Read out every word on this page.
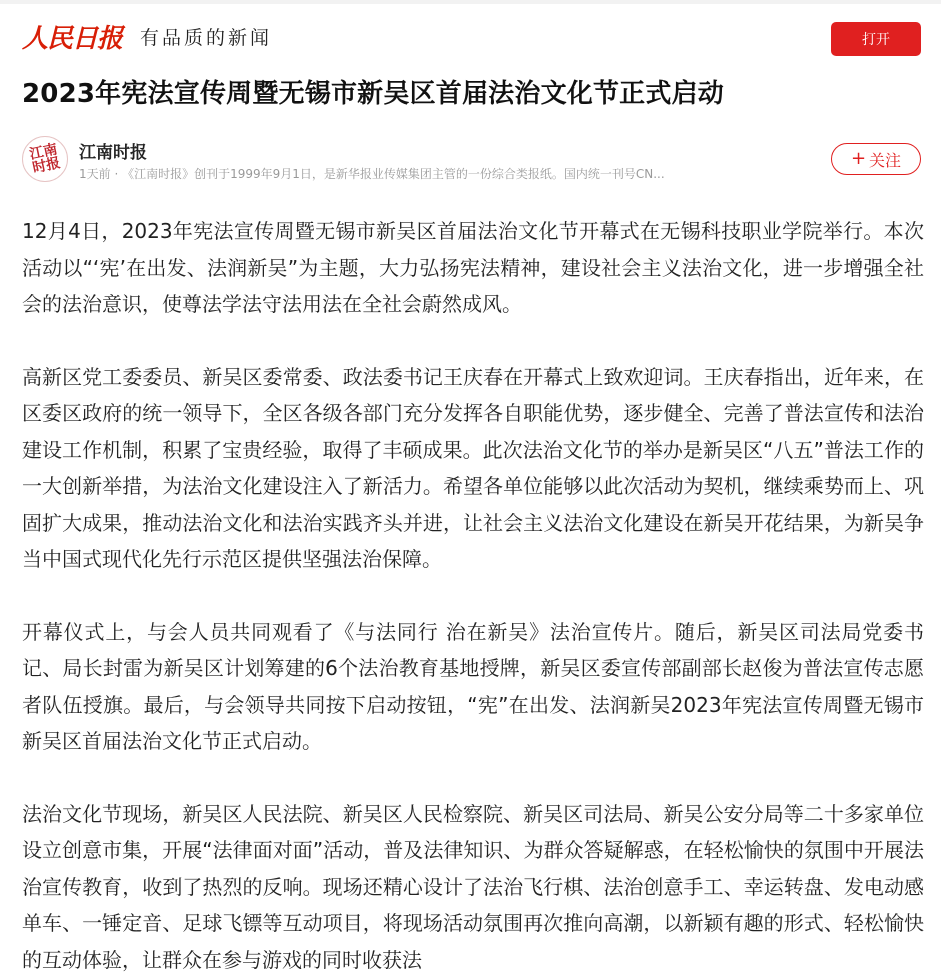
人民日报 有品质的新闻	打开
2023年宪法宣传周暨无锡市新吴区首届法治文化节正式启动
江南时报
江南时报
1天前 · 《江南时报》创刊于1999年9月1日，是新华报业传媒集团主管的一份综合类报纸。国内统一刊号CN...
+ 关注

12月4日，2023年宪法宣传周暨无锡市新吴区首届法治文化节开幕式在无锡科技职业学院举行。本次活动以“‘宪’在出发、法润新吴”为主题，大力弘扬宪法精神，建设社会主义法治文化，进一步增强全社会的法治意识，使尊法学法守法用法在全社会蔚然成风。

高新区党工委委员、新吴区委常委、政法委书记王庆春在开幕式上致欢迎词。王庆春指出，近年来，在区委区政府的统一领导下，全区各级各部门充分发挥各自职能优势，逐步健全、完善了普法宣传和法治建设工作机制，积累了宝贵经验，取得了丰硕成果。此次法治文化节的举办是新吴区“八五”普法工作的一大创新举措，为法治文化建设注入了新活力。希望各单位能够以此次活动为契机，继续乘势而上、巩固扩大成果，推动法治文化和法治实践齐头并进，让社会主义法治文化建设在新吴开花结果，为新吴争当中国式现代化先行示范区提供坚强法治保障。

开幕仪式上，与会人员共同观看了《与法同行 治在新吴》法治宣传片。随后，新吴区司法局党委书记、局长封雷为新吴区计划筹建的6个法治教育基地授牌，新吴区委宣传部副部长赵俊为普法宣传志愿者队伍授旗。最后，与会领导共同按下启动按钮，“宪”在出发、法润新吴2023年宪法宣传周暨无锡市新吴区首届法治文化节正式启动。

法治文化节现场，新吴区人民法院、新吴区人民检察院、新吴区司法局、新吴公安分局等二十多家单位设立创意市集，开展“法律面对面”活动，普及法律知识、为群众答疑解惑，在轻松愉快的氛围中开展法治宣传教育，收到了热烈的反响。现场还精心设计了法治飞行棋、法治创意手工、幸运转盘、发电动感单车、一锤定音、足球飞镖等互动项目，将现场活动氛围再次推向高潮，以新颖有趣的形式、轻松愉快的互动体验，让群众在参与游戏的同时收获法
